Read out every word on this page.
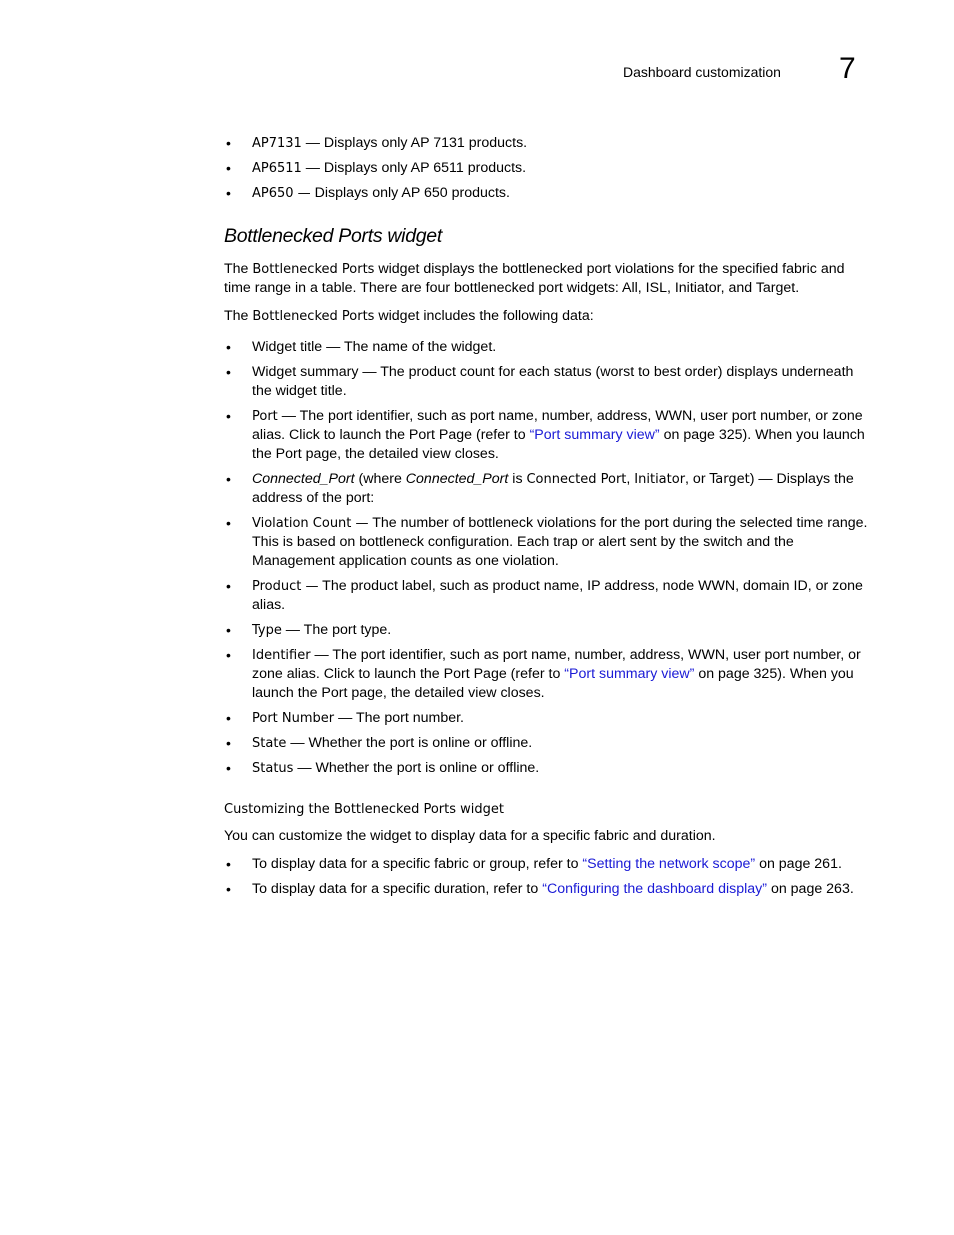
Dashboard customization 7
• AP7131 — Displays only AP 7131 products.
• AP6511 — Displays only AP 6511 products.
• AP650 — Displays only AP 650 products.
Bottlenecked Ports widget

The Bottlenecked Ports widget displays the bottlenecked port violations for the specified fabric and time range in a table. There are four bottlenecked port widgets: All, ISL, Initiator, and Target.

The Bottlenecked Ports widget includes the following data:

• Widget title — The name of the widget.
• Widget summary — The product count for each status (worst to best order) displays underneath the widget title.
• Port — The port identifier, such as port name, number, address, WWN, user port number, or zone alias. Click to launch the Port Page (refer to “Port summary view” on page 325). When you launch the Port page, the detailed view closes.
• Connected_Port (where Connected_Port is Connected Port, Initiator, or Target) — Displays the address of the port:
• Violation Count — The number of bottleneck violations for the port during the selected time range. This is based on bottleneck configuration. Each trap or alert sent by the switch and the Management application counts as one violation.
• Product — The product label, such as product name, IP address, node WWN, domain ID, or zone alias.
• Type — The port type.
• Identifier — The port identifier, such as port name, number, address, WWN, user port number, or zone alias. Click to launch the Port Page (refer to “Port summary view” on page 325). When you launch the Port page, the detailed view closes.
• Port Number — The port number.
• State — Whether the port is online or offline.
• Status — Whether the port is online or offline.
Customizing the Bottlenecked Ports widget

You can customize the widget to display data for a specific fabric and duration.

• To display data for a specific fabric or group, refer to “Setting the network scope” on page 261.
• To display data for a specific duration, refer to “Configuring the dashboard display” on page 263.
